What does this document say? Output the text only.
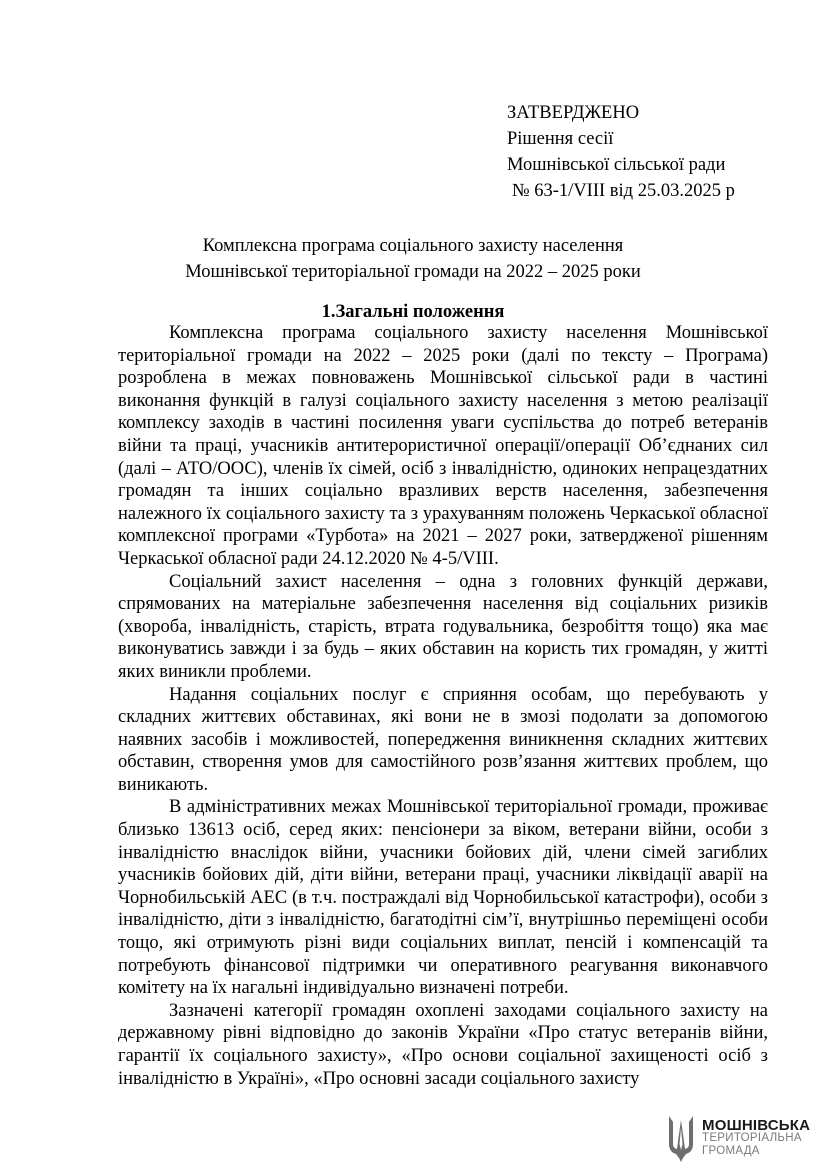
ЗАТВЕРДЖЕНО
Рішення сесії
Мошнівської сільської ради
№ 63-1/VIII від 25.03.2025 р
Комплексна програма соціального захисту населення
Мошнівської територіальної громади на 2022 – 2025 роки
1.Загальні положення

Комплексна програма соціального захисту населення Мошнівської територіальної громади на 2022 – 2025 роки (далі по тексту – Програма) розроблена в межах повноважень Мошнівської сільської ради в частині виконання функцій в галузі соціального захисту населення з метою реалізації комплексу заходів в частині посилення уваги суспільства до потреб ветеранів війни та праці, учасників антитерористичної операції/операції Об’єднаних сил (далі – АТО/ООС), членів їх сімей, осіб з інвалідністю, одиноких непрацездатних громадян та інших соціально вразливих верств населення, забезпечення належного їх соціального захисту та з урахуванням положень Черкаської обласної комплексної програми «Турбота» на 2021 – 2027 роки, затвердженої рішенням Черкаської обласної ради 24.12.2020 № 4-5/VIII.

Соціальний захист населення – одна з головних функцій держави, спрямованих на матеріальне забезпечення населення від соціальних ризиків (хвороба, інвалідність, старість, втрата годувальника, безробіття тощо) яка має виконуватись завжди і за будь – яких обставин на користь тих громадян, у житті яких виникли проблеми.

Надання соціальних послуг є сприяння особам, що перебувають у складних життєвих обставинах, які вони не в змозі подолати за допомогою наявних засобів і можливостей, попередження виникнення складних життєвих обставин, створення умов для самостійного розв’язання життєвих проблем, що виникають.

В адміністративних межах Мошнівської територіальної громади, проживає близько 13613 осіб, серед яких: пенсіонери за віком, ветерани війни, особи з інвалідністю внаслідок війни, учасники бойових дій, члени сімей загиблих учасників бойових дій, діти війни, ветерани праці, учасники ліквідації аварії на Чорнобильській АЕС (в т.ч. постраждалі від Чорнобильської катастрофи), особи з інвалідністю, діти з інвалідністю, багатодітні сім’ї, внутрішньо переміщені особи тощо, які отримують різні види соціальних виплат, пенсій і компенсацій та потребують фінансової підтримки чи оперативного реагування виконавчого комітету на їх нагальні індивідуально визначені потреби.

Зазначені категорії громадян охоплені заходами соціального захисту на державному рівні відповідно до законів України «Про статус ветеранів війни, гарантії їх соціального захисту», «Про основи соціальної захищеності осіб з інвалідністю в Україні», «Про основні засади соціального захисту

МОШНІВСЬКА
ТЕРИТОРІАЛЬНА
ГРОМАДА
